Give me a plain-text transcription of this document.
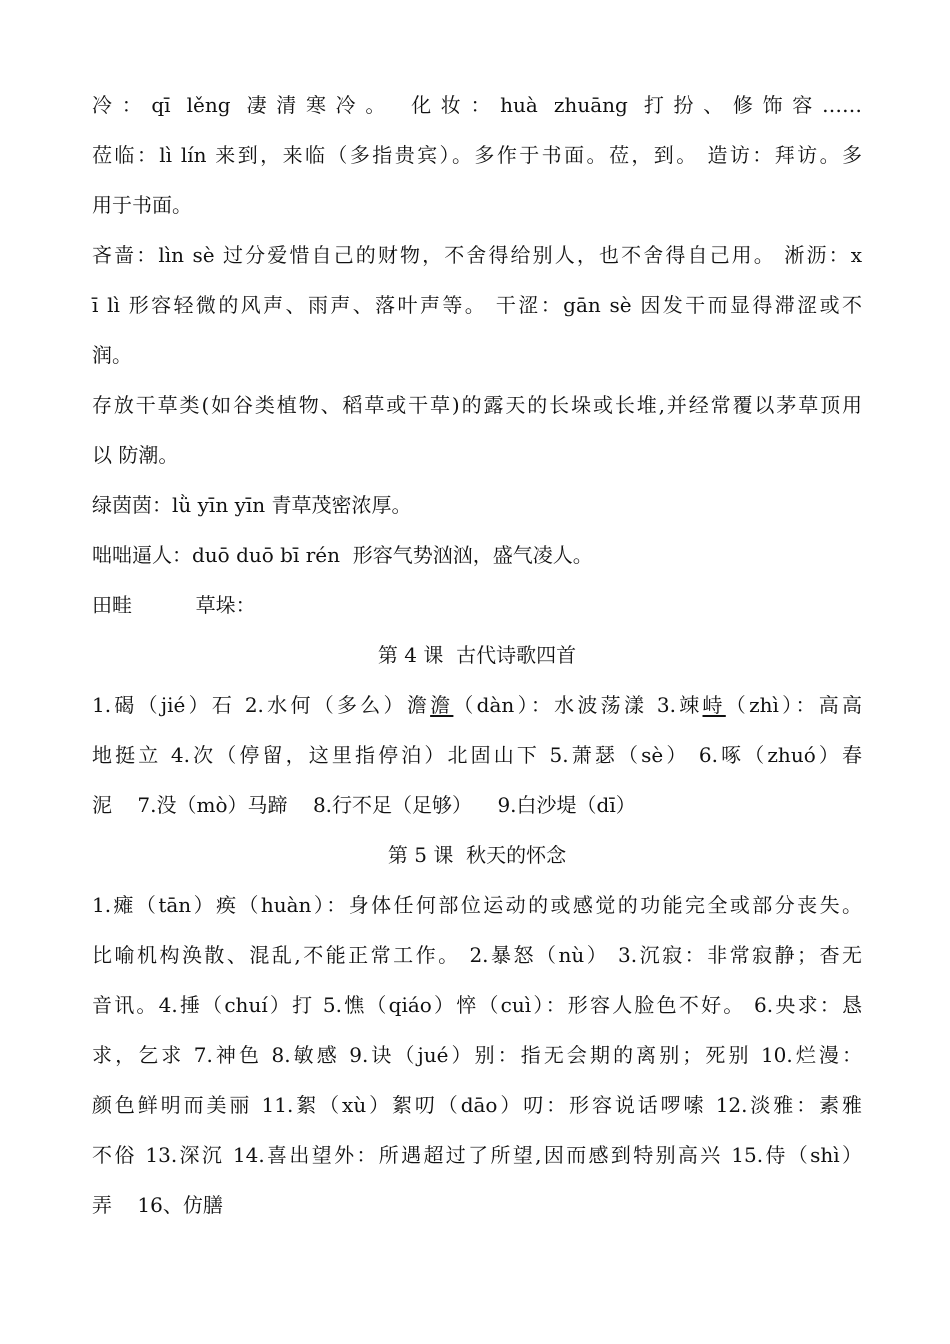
冷：qī lěng 凄清寒冷。 化妆：huà zhuāng 打扮、修饰容……
莅临：lì lín 来到，来临（多指贵宾）。多作于书面。莅，到。 造访：拜访。多
用于书面。
吝啬：lìn sè 过分爱惜自己的财物，不舍得给别人，也不舍得自己用。 淅沥：x
ī lì 形容轻微的风声、雨声、落叶声等。 干涩：gān sè 因发干而显得滞涩或不
润。
存放干草类(如谷类植物、稻草或干草)的露天的长垛或长堆,并经常覆以茅草顶用
以 防潮。
绿茵茵：lǜ yīn yīn 青草茂密浓厚。
咄咄逼人：duō duō bī rén  形容气势汹汹，盛气凌人。
田畦          草垛：
第 4 课  古代诗歌四首
1.碣（jié）石 2.水何（多么）澹澹（dàn）：水波荡漾 3.竦峙（zhì）：高高
地挺立 4.次（停留，这里指停泊）北固山下 5.萧瑟（sè） 6.啄（zhuó）春
泥    7.没（mò）马蹄    8.行不足（足够）    9.白沙堤（dī）
第 5 课  秋天的怀念
1.瘫（tān）痪（huàn）：身体任何部位运动的或感觉的功能完全或部分丧失。
比喻机构涣散、混乱,不能正常工作。 2.暴怒（nù） 3.沉寂：非常寂静；杳无
音讯。4.捶（chuí）打 5.憔（qiáo）悴（cuì）：形容人脸色不好。 6.央求：恳
求，乞求 7.神色 8.敏感 9.诀（jué）别：指无会期的离别；死别 10.烂漫：
颜色鲜明而美丽 11.絮（xù）絮叨（dāo）叨：形容说话啰嗦 12.淡雅：素雅
不俗 13.深沉 14.喜出望外：所遇超过了所望,因而感到特别高兴 15.侍（shì）
弄    16、仿膳
